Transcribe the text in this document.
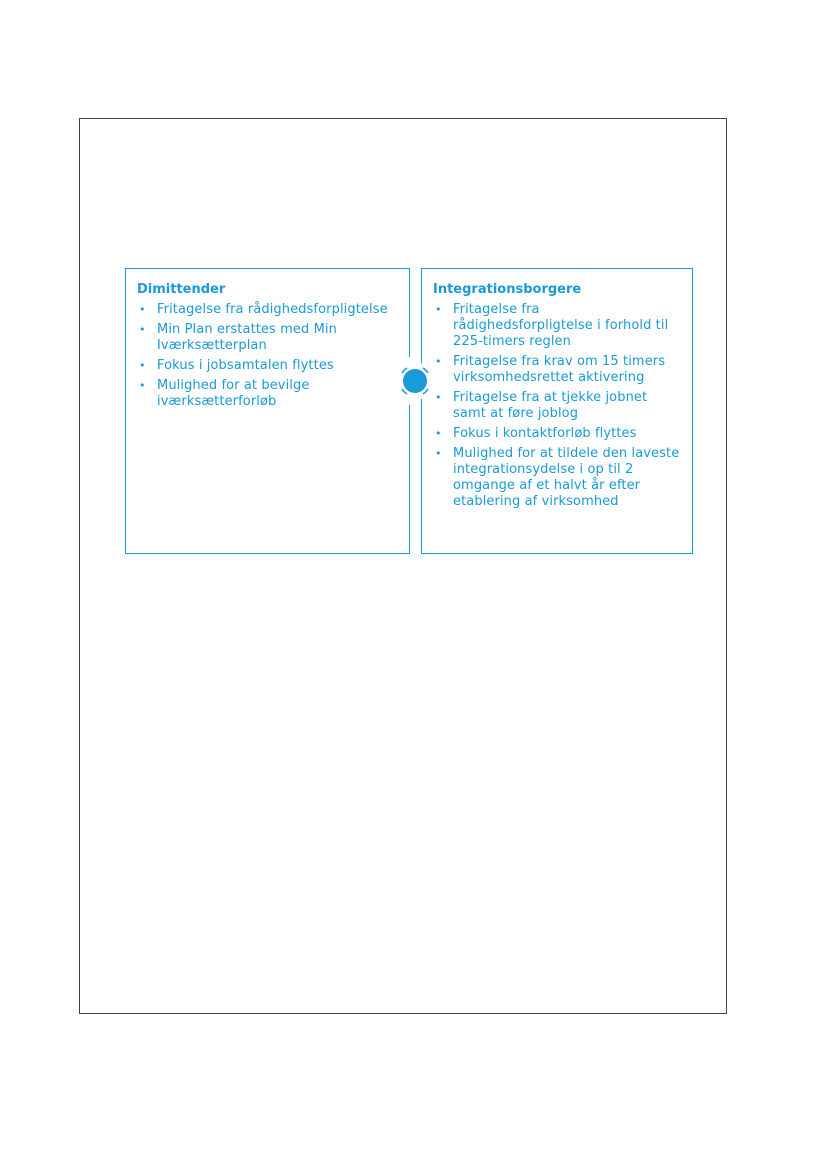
Dimittender
• Fritagelse fra rådighedsforpligtelse
• Min Plan erstattes med Min Iværksætterplan
• Fokus i jobsamtalen flyttes
• Mulighed for at bevilge iværksætterforløb
Integrationsborgere
• Fritagelse fra rådighedsforpligtelse i forhold til 225-timers reglen
• Fritagelse fra krav om 15 timers virksomhedsrettet aktivering
• Fritagelse fra at tjekke jobnet samt at føre joblog
• Fokus i kontaktforløb flyttes
• Mulighed for at tildele den laveste integrationsydelse i op til 2 omgange af et halvt år efter etablering af virksomhed
